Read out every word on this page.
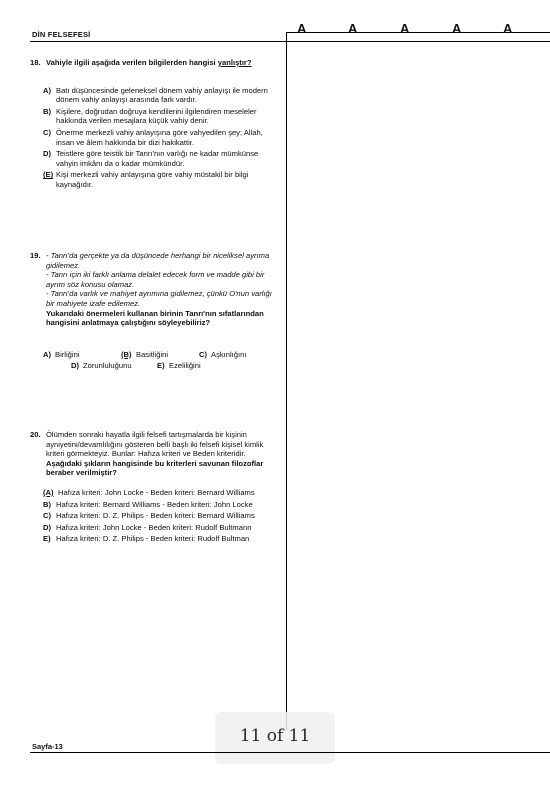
DİN FELSEFESİ	A	A	A	A	A
18. Vahiyle ilgili aşağıda verilen bilgilerden hangisi yanlıştır?
A) Batı düşüncesinde geleneksel dönem vahiy anlayışı ile modern dönem vahiy anlayışı arasında fark vardır.
B) Kişilere, doğrudan doğruya kendilerini ilgilendiren meseleler hakkında verilen mesajlara küçük vahiy denir.
C) Önerme merkezli vahiy anlayışına göre vahyedilen şey; Allah, insan ve âlem hakkında bir dizi hakikattir.
D) Teistlere göre teistik bir Tanrı'nın varlığı ne kadar mümkünse vahyin imkânı da o kadar mümkündür.
(E) Kişi merkezli vahiy anlayışına göre vahiy müstakil bir bilgi kaynağıdır.
19. - Tanrı'da gerçekte ya da düşüncede herhangi bir niceliksel ayrıma gidilemez.
- Tanrı için iki farklı anlama delalet edecek form ve madde gibi bir ayrım söz konusu olamaz.
- Tanrı'da varlık ve mahiyet ayrımına gidilemez, çünkü O'nun varlığı bir mahiyete izafe edilemez.
Yukarıdaki önermeleri kullanan birinin Tanrı'nın sıfatlarından hangisini anlatmaya çalıştığını söyleyebiliriz?
A) Birliğini	(B) Basitliğini	C) Aşkınlığını
D) Zorunluluğunu	E) Ezeliliğini
20. Ölümden sonraki hayatla ilgili felsefi tartışmalarda bir kişinin ayniyetini/devamlılığını gösteren belli başlı iki felsefi kişisel kimlik kriteri görmekteyiz. Bunlar: Hafıza kriteri ve Beden kriteridir.
Aşağıdaki şıkların hangisinde bu kriterleri savunan filozoflar beraber verilmiştir?
(A) Hafıza kriteri: John Locke - Beden kriteri: Bernard Williams
B) Hafıza kriteri: Bernard Williams - Beden kriteri: John Locke
C) Hafıza kriteri: D. Z. Philips - Beden kriteri: Bernard Williams
D) Hafıza kriteri: John Locke - Beden kriteri: Rudolf Bultmann
E) Hafıza kriteri: D. Z. Philips - Beden kriteri: Rudolf Bultman
11 of 11
Sayfa-13
